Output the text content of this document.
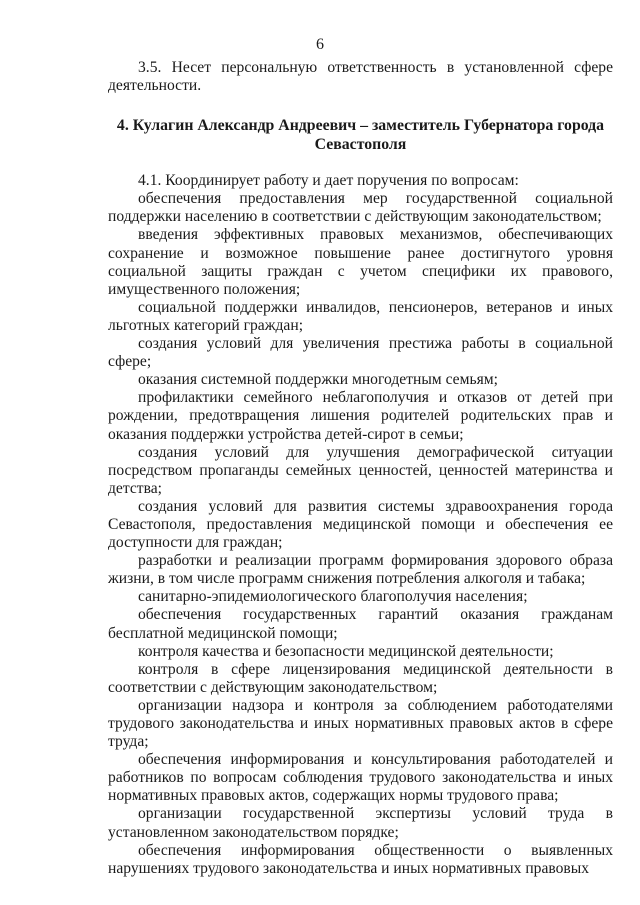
6

3.5. Несет персональную ответственность в установленной сфере деятельности.

4. Кулагин Александр Андреевич – заместитель Губернатора города Севастополя

4.1. Координирует работу и дает поручения по вопросам:

обеспечения предоставления мер государственной социальной поддержки населению в соответствии с действующим законодательством;

введения эффективных правовых механизмов, обеспечивающих сохранение и возможное повышение ранее достигнутого уровня социальной защиты граждан с учетом специфики их правового, имущественного положения;

социальной поддержки инвалидов, пенсионеров, ветеранов и иных льготных категорий граждан;

создания условий для увеличения престижа работы в социальной сфере;

оказания системной поддержки многодетным семьям;

профилактики семейного неблагополучия и отказов от детей при рождении, предотвращения лишения родителей родительских прав и оказания поддержки устройства детей-сирот в семьи;

создания условий для улучшения демографической ситуации посредством пропаганды семейных ценностей, ценностей материнства и детства;

создания условий для развития системы здравоохранения города Севастополя, предоставления медицинской помощи и обеспечения ее доступности для граждан;

разработки и реализации программ формирования здорового образа жизни, в том числе программ снижения потребления алкоголя и табака;

санитарно-эпидемиологического благополучия населения;

обеспечения государственных гарантий оказания гражданам бесплатной медицинской помощи;

контроля качества и безопасности медицинской деятельности;

контроля в сфере лицензирования медицинской деятельности в соответствии с действующим законодательством;

организации надзора и контроля за соблюдением работодателями трудового законодательства и иных нормативных правовых актов в сфере труда;

обеспечения информирования и консультирования работодателей и работников по вопросам соблюдения трудового законодательства и иных нормативных правовых актов, содержащих нормы трудового права;

организации государственной экспертизы условий труда в установленном законодательством порядке;

обеспечения информирования общественности о выявленных нарушениях трудового законодательства и иных нормативных правовых
